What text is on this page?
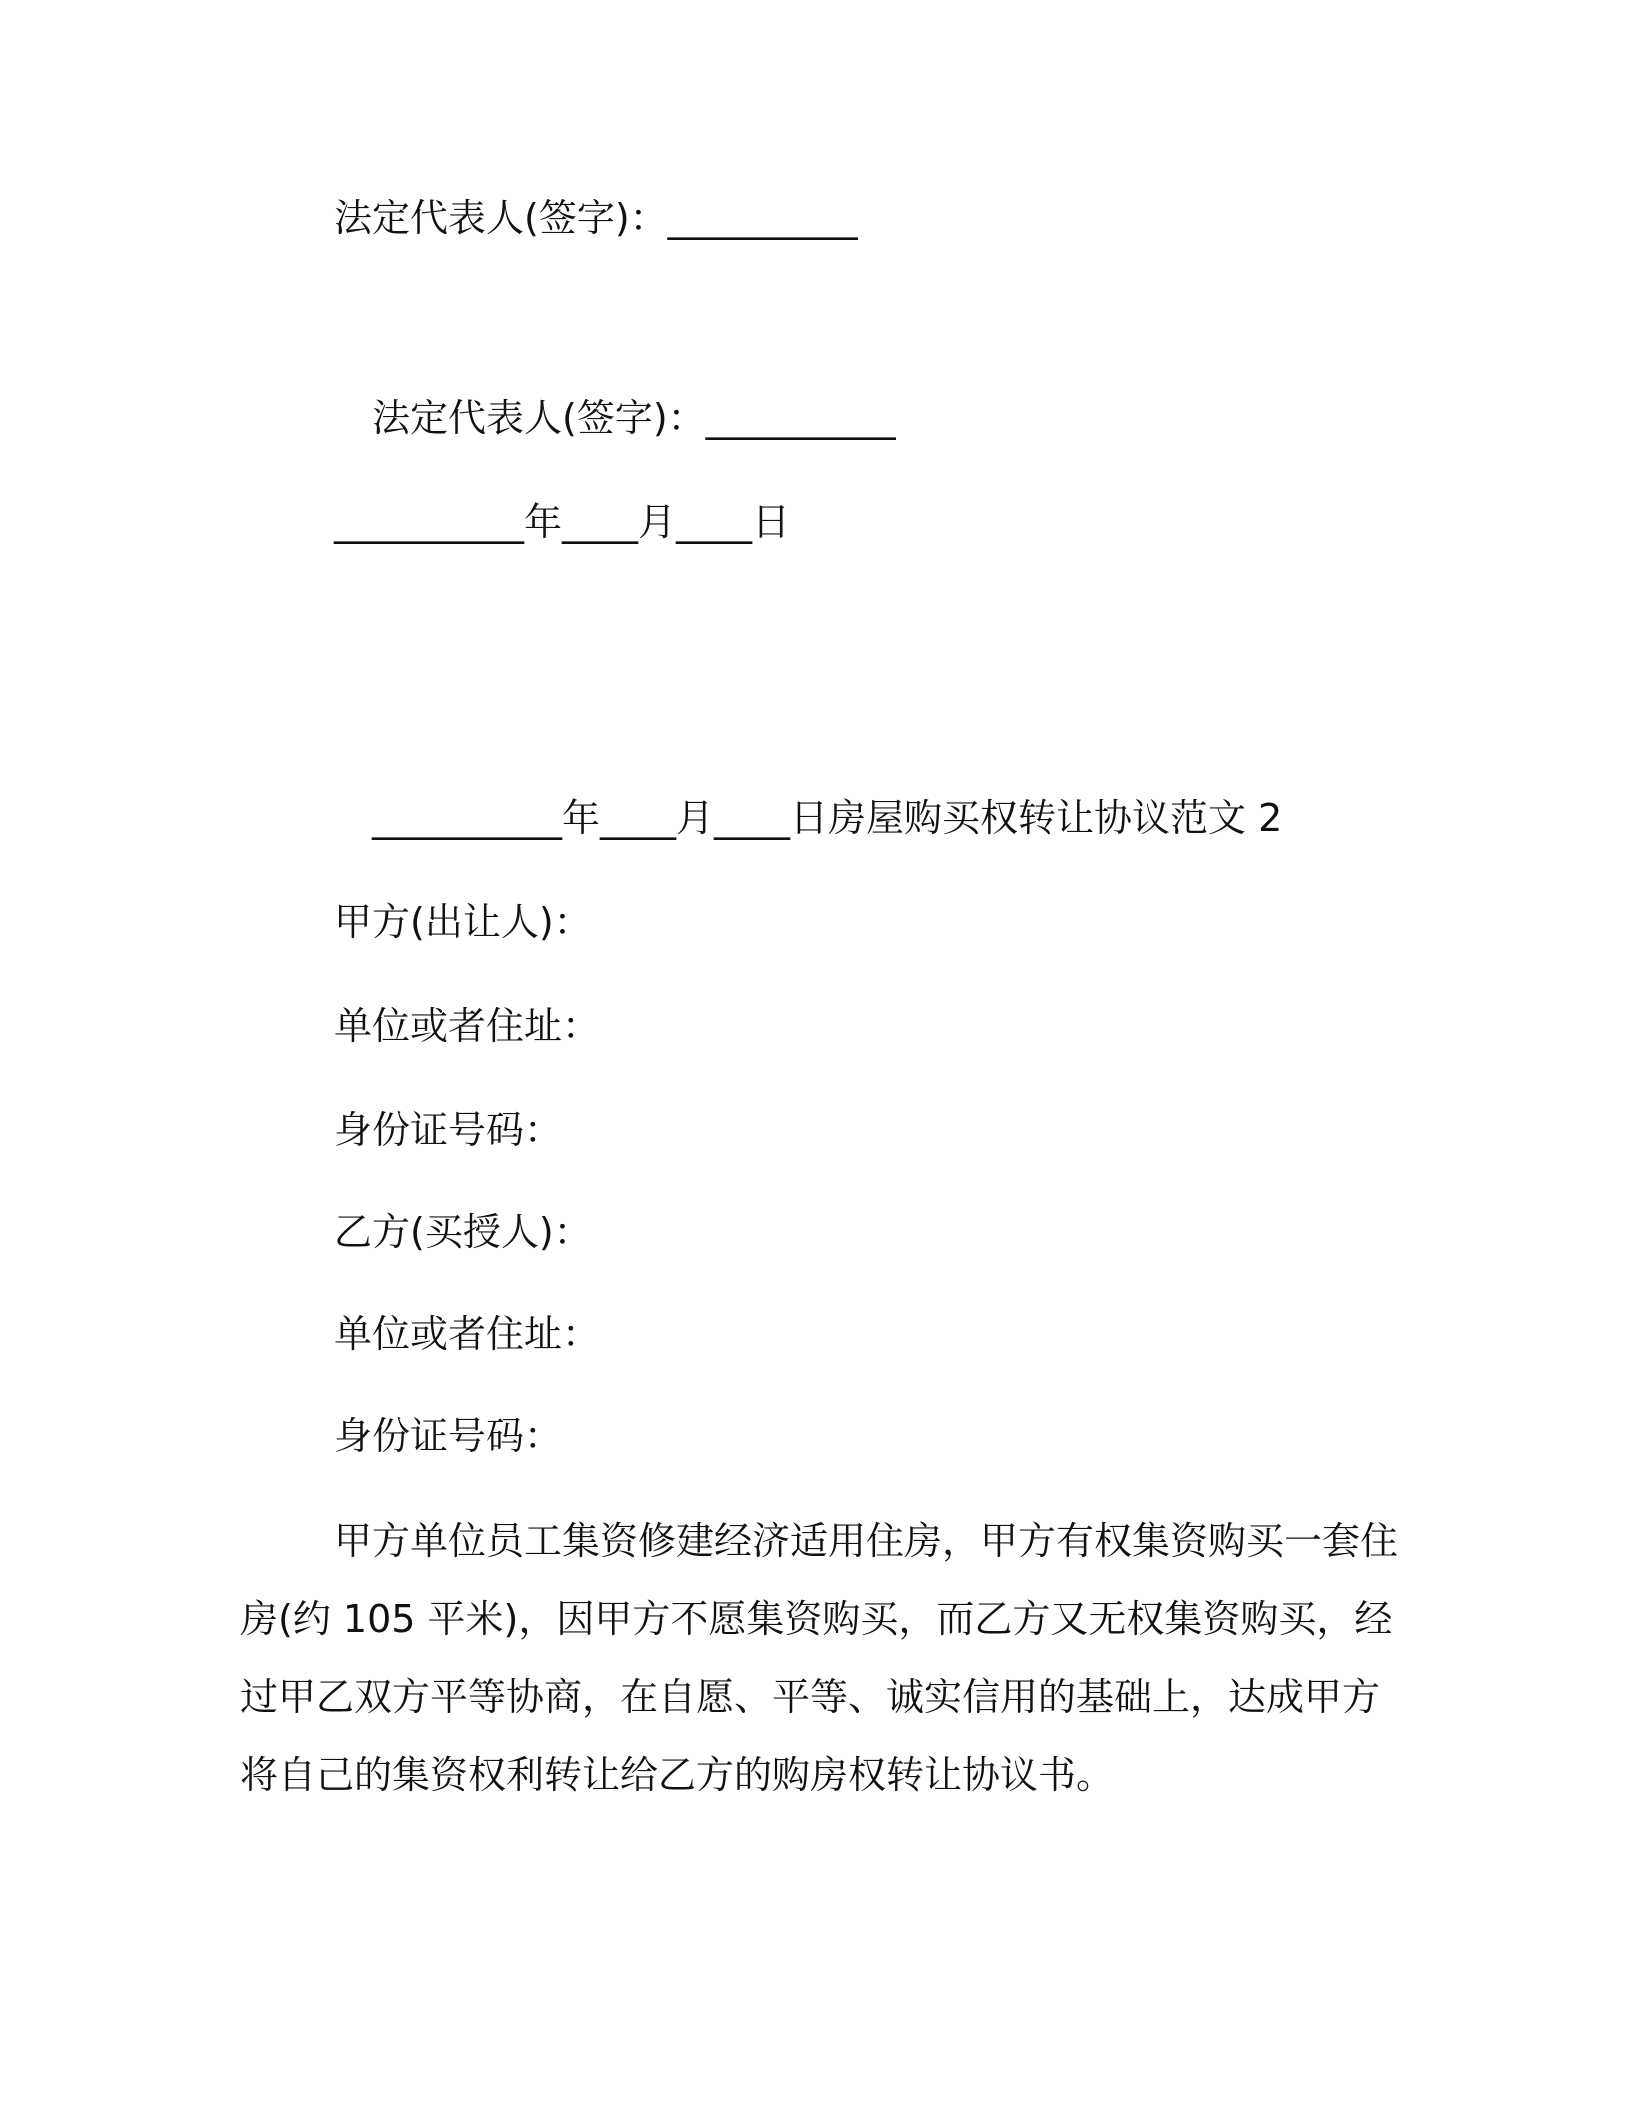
法定代表人(签字)：__________
法定代表人(签字)：__________
__________年____月____日
__________年____月____日房屋购买权转让协议范文 2
甲方(出让人)：
单位或者住址：
身份证号码：
乙方(买授人)：
单位或者住址：
身份证号码：
甲方单位员工集资修建经济适用住房，甲方有权集资购买一套住房(约 105 平米)，因甲方不愿集资购买，而乙方又无权集资购买，经过甲乙双方平等协商，在自愿、平等、诚实信用的基础上，达成甲方将自己的集资权利转让给乙方的购房权转让协议书。
